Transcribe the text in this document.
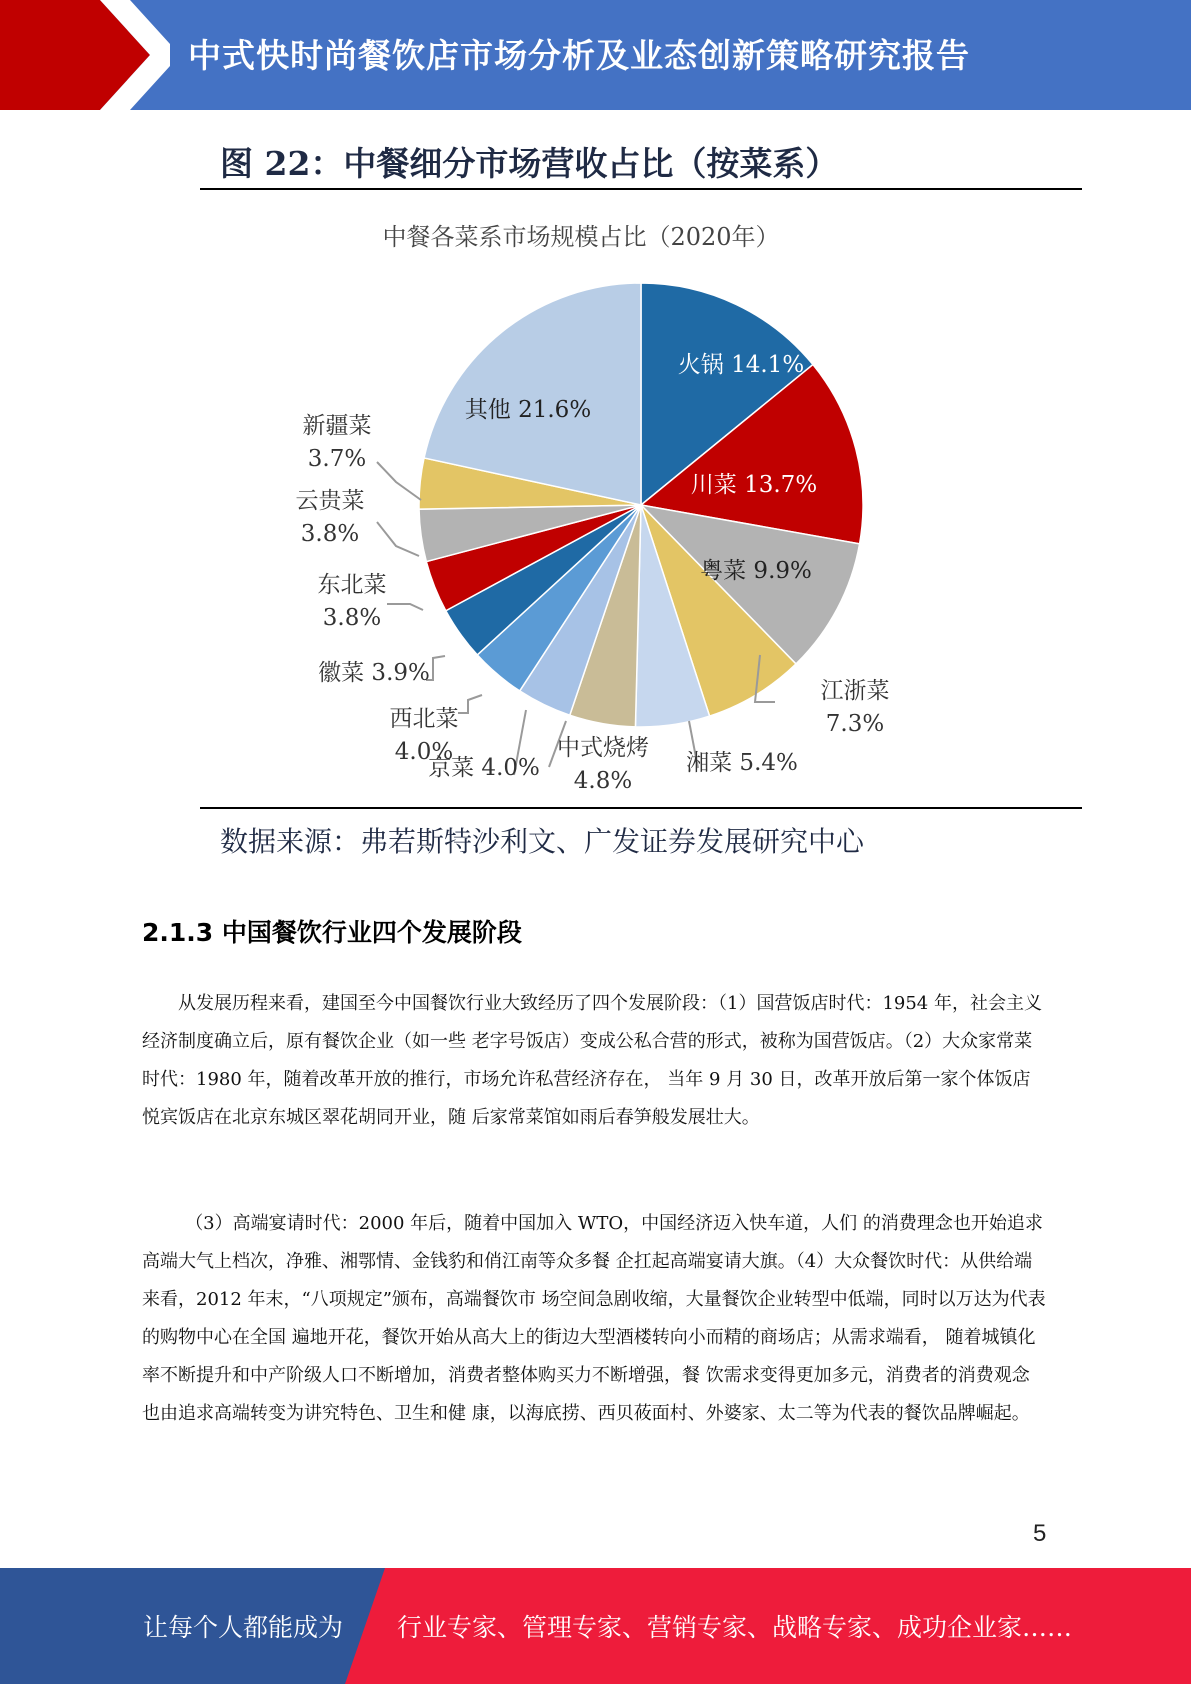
中式快时尚餐饮店市场分析及业态创新策略研究报告
图 22：中餐细分市场营收占比（按菜系）
中餐各菜系市场规模占比（2020年）
火锅 14.1%
川菜 13.7%
粤菜 9.9%
江浙菜 7.3%
湘菜 5.4%
中式烧烤 4.8%
京菜 4.0%
西北菜 4.0%
徽菜 3.9%
东北菜 3.8%
云贵菜 3.8%
新疆菜 3.7%
其他 21.6%
数据来源：弗若斯特沙利文、广发证券发展研究中心
2.1.3 中国餐饮行业四个发展阶段

从发展历程来看，建国至今中国餐饮行业大致经历了四个发展阶段：（1）国营饭店时代：1954 年，社会主义经济制度确立后，原有餐饮企业（如一些 老字号饭店）变成公私合营的形式，被称为国营饭店。（2）大众家常菜时代：1980 年，随着改革开放的推行，市场允许私营经济存在， 当年 9 月 30 日，改革开放后第一家个体饭店悦宾饭店在北京东城区翠花胡同开业，随 后家常菜馆如雨后春笋般发展壮大。

（3）高端宴请时代：2000 年后，随着中国加入 WTO，中国经济迈入快车道，人们 的消费理念也开始追求高端大气上档次，净雅、湘鄂情、金钱豹和俏江南等众多餐 企扛起高端宴请大旗。（4）大众餐饮时代：从供给端来看，2012 年末，“八项规定”颁布，高端餐饮市 场空间急剧收缩，大量餐饮企业转型中低端，同时以万达为代表的购物中心在全国 遍地开花，餐饮开始从高大上的街边大型酒楼转向小而精的商场店；从需求端看， 随着城镇化率不断提升和中产阶级人口不断增加，消费者整体购买力不断增强，餐 饮需求变得更加多元，消费者的消费观念也由追求高端转变为讲究特色、卫生和健 康，以海底捞、西贝莜面村、外婆家、太二等为代表的餐饮品牌崛起。

5
让每个人都能成为 行业专家、管理专家、营销专家、战略专家、成功企业家……
